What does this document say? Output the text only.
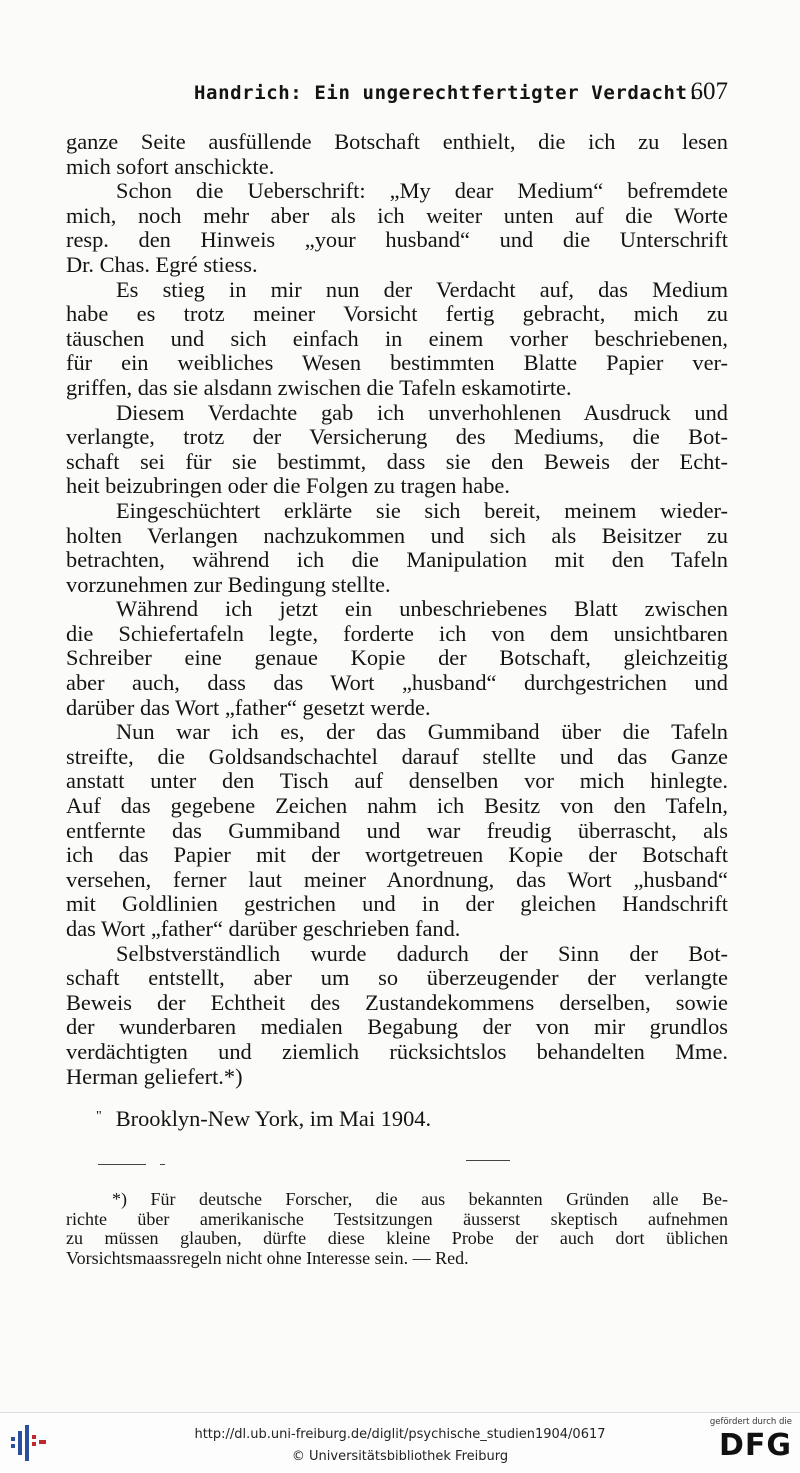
Handrich: Ein ungerechtfertigter Verdacht.
607

ganze Seite ausfüllende Botschaft enthielt, die ich zu lesen
mich sofort anschickte.

Schon die Ueberschrift: „My dear Medium“ befremdete
mich, noch mehr aber als ich weiter unten auf die Worte
resp. den Hinweis „your husband“ und die Unterschrift
Dr. Chas. Egré stiess.

Es stieg in mir nun der Verdacht auf, das Medium
habe es trotz meiner Vorsicht fertig gebracht, mich zu
täuschen und sich einfach in einem vorher beschriebenen,
für ein weibliches Wesen bestimmten Blatte Papier ver-
griffen, das sie alsdann zwischen die Tafeln eskamotirte.

Diesem Verdachte gab ich unverhohlenen Ausdruck und
verlangte, trotz der Versicherung des Mediums, die Bot-
schaft sei für sie bestimmt, dass sie den Beweis der Echt-
heit beizubringen oder die Folgen zu tragen habe.

Eingeschüchtert erklärte sie sich bereit, meinem wieder-
holten Verlangen nachzukommen und sich als Beisitzer zu
betrachten, während ich die Manipulation mit den Tafeln
vorzunehmen zur Bedingung stellte.

Während ich jetzt ein unbeschriebenes Blatt zwischen
die Schiefertafeln legte, forderte ich von dem unsichtbaren
Schreiber eine genaue Kopie der Botschaft, gleichzeitig
aber auch, dass das Wort „husband“ durchgestrichen und
darüber das Wort „father“ gesetzt werde.

Nun war ich es, der das Gummiband über die Tafeln
streifte, die Goldsandschachtel darauf stellte und das Ganze
anstatt unter den Tisch auf denselben vor mich hinlegte.
Auf das gegebene Zeichen nahm ich Besitz von den Tafeln,
entfernte das Gummiband und war freudig überrascht, als
ich das Papier mit der wortgetreuen Kopie der Botschaft
versehen, ferner laut meiner Anordnung, das Wort „husband“
mit Goldlinien gestrichen und in der gleichen Handschrift
das Wort „father“ darüber geschrieben fand.

Selbstverständlich wurde dadurch der Sinn der Bot-
schaft entstellt, aber um so überzeugender der verlangte
Beweis der Echtheit des Zustandekommens derselben, sowie
der wunderbaren medialen Begabung der von mir grundlos
verdächtigten und ziemlich rücksichtslos behandelten Mme.
Herman geliefert.*)

" Brooklyn-New York, im Mai 1904.

*) Für deutsche Forscher, die aus bekannten Gründen alle Be-
richte über amerikanische Testsitzungen äusserst skeptisch aufnehmen
zu müssen glauben, dürfte diese kleine Probe der auch dort üblichen
Vorsichtsmaassregeln nicht ohne Interesse sein. — Red.

http://dl.ub.uni-freiburg.de/diglit/psychische_studien1904/0617
© Universitätsbibliothek Freiburg
gefördert durch die
DFG
